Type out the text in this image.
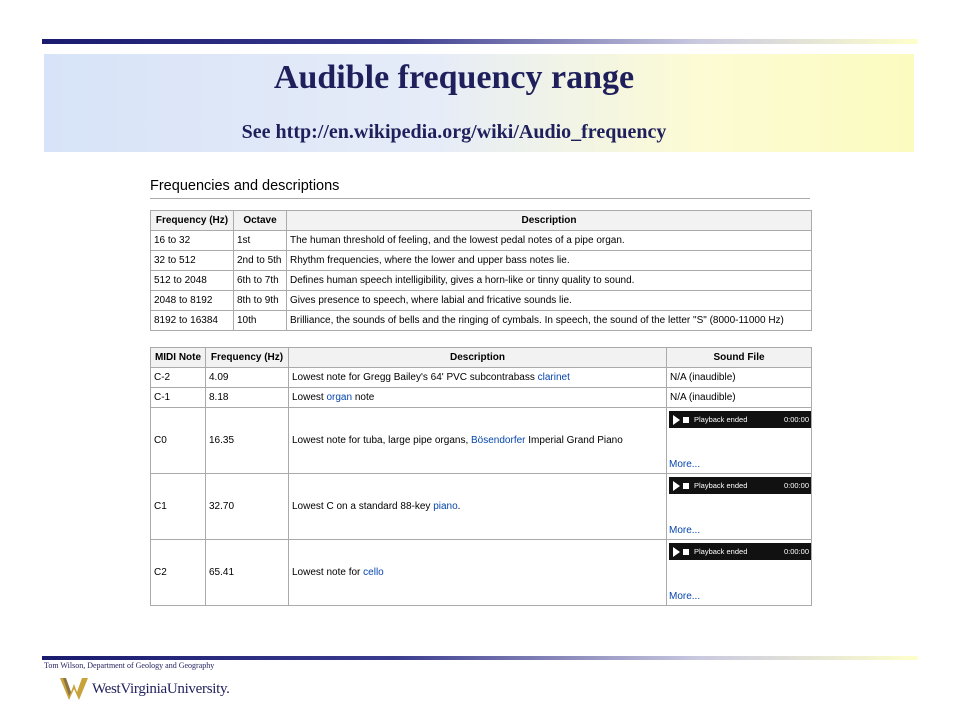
Audible frequency range
See http://en.wikipedia.org/wiki/Audio_frequency
Frequencies and descriptions
Frequency (Hz)	Octave	Description
16 to 32	1st	The human threshold of feeling, and the lowest pedal notes of a pipe organ.
32 to 512	2nd to 5th	Rhythm frequencies, where the lower and upper bass notes lie.
512 to 2048	6th to 7th	Defines human speech intelligibility, gives a horn-like or tinny quality to sound.
2048 to 8192	8th to 9th	Gives presence to speech, where labial and fricative sounds lie.
8192 to 16384	10th	Brilliance, the sounds of bells and the ringing of cymbals. In speech, the sound of the letter "S" (8000-11000 Hz)
MIDI Note	Frequency (Hz)	Description	Sound File
C-2	4.09	Lowest note for Gregg Bailey's 64' PVC subcontrabass clarinet	N/A (inaudible)
C-1	8.18	Lowest organ note	N/A (inaudible)
C0	16.35	Lowest note for tuba, large pipe organs, Bösendorfer Imperial Grand Piano	Playback ended 0:00:00
More...

C1	32.70	Lowest C on a standard 88-key piano.	Playback ended 0:00:00
More...

C2	65.41	Lowest note for cello	Playback ended 0:00:00
More...
Tom Wilson, Department of Geology and Geography
WestVirginiaUniversity.
